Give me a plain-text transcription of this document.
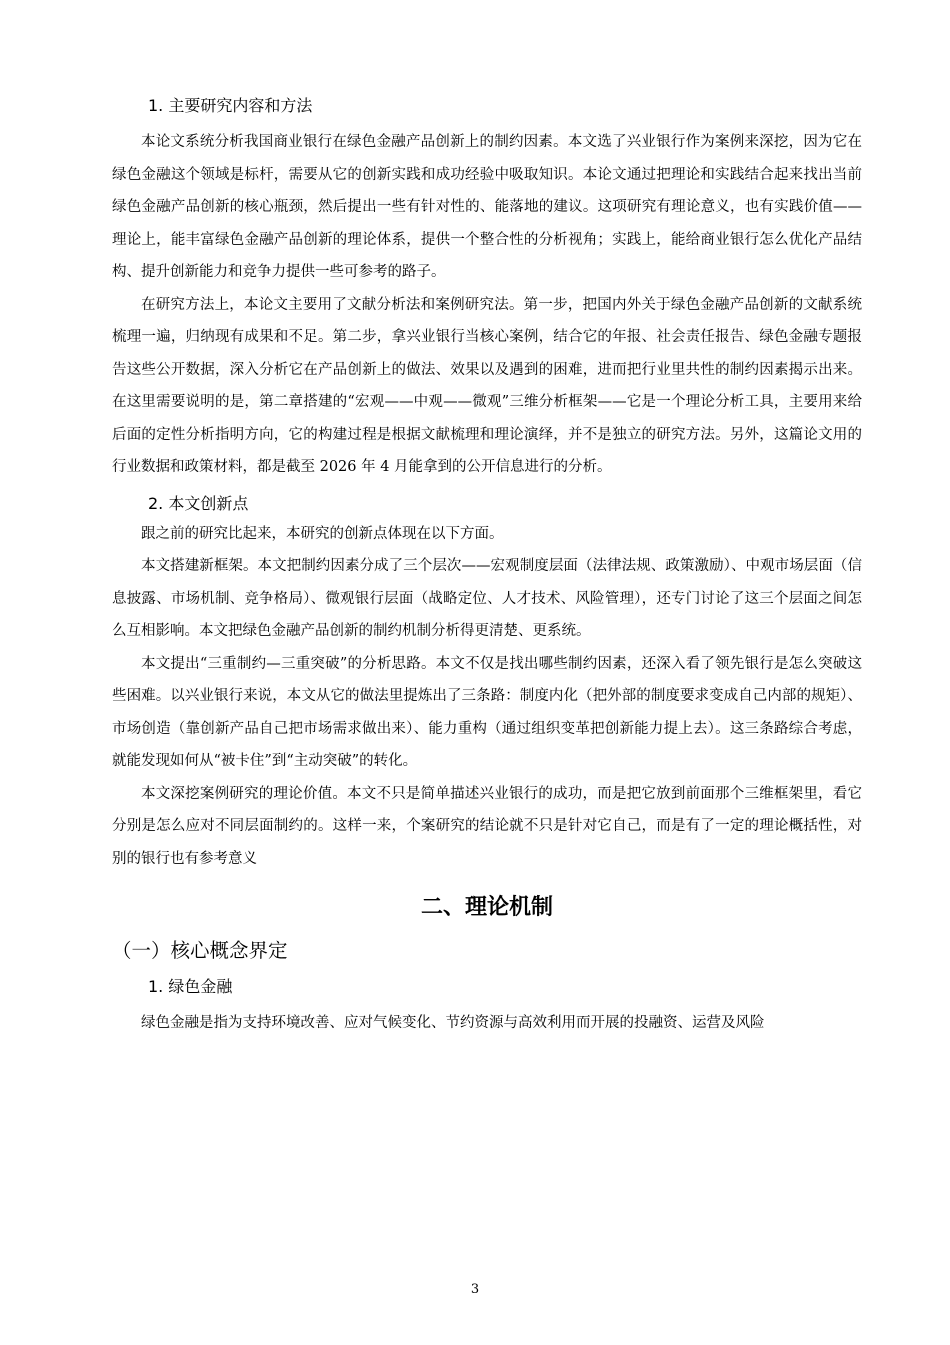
1. 主要研究内容和方法

本论文系统分析我国商业银行在绿色金融产品创新上的制约因素。本文选了兴业银行作为案例来深挖，因为它在绿色金融这个领域是标杆，需要从它的创新实践和成功经验中吸取知识。本论文通过把理论和实践结合起来找出当前绿色金融产品创新的核心瓶颈，然后提出一些有针对性的、能落地的建议。这项研究有理论意义，也有实践价值——理论上，能丰富绿色金融产品创新的理论体系，提供一个整合性的分析视角；实践上，能给商业银行怎么优化产品结构、提升创新能力和竞争力提供一些可参考的路子。

在研究方法上，本论文主要用了文献分析法和案例研究法。第一步，把国内外关于绿色金融产品创新的文献系统梳理一遍，归纳现有成果和不足。第二步，拿兴业银行当核心案例，结合它的年报、社会责任报告、绿色金融专题报告这些公开数据，深入分析它在产品创新上的做法、效果以及遇到的困难，进而把行业里共性的制约因素揭示出来。在这里需要说明的是，第二章搭建的“宏观——中观——微观”三维分析框架——它是一个理论分析工具，主要用来给后面的定性分析指明方向，它的构建过程是根据文献梳理和理论演绎，并不是独立的研究方法。另外，这篇论文用的行业数据和政策材料，都是截至 2026 年 4 月能拿到的公开信息进行的分析。

2. 本文创新点

跟之前的研究比起来，本研究的创新点体现在以下方面。

本文搭建新框架。本文把制约因素分成了三个层次——宏观制度层面（法律法规、政策激励）、中观市场层面（信息披露、市场机制、竞争格局）、微观银行层面（战略定位、人才技术、风险管理），还专门讨论了这三个层面之间怎么互相影响。本文把绿色金融产品创新的制约机制分析得更清楚、更系统。

本文提出“三重制约—三重突破”的分析思路。本文不仅是找出哪些制约因素，还深入看了领先银行是怎么突破这些困难。以兴业银行来说，本文从它的做法里提炼出了三条路：制度内化（把外部的制度要求变成自己内部的规矩）、市场创造（靠创新产品自己把市场需求做出来）、能力重构（通过组织变革把创新能力提上去）。这三条路综合考虑，就能发现如何从“被卡住”到“主动突破”的转化。

本文深挖案例研究的理论价值。本文不只是简单描述兴业银行的成功，而是把它放到前面那个三维框架里，看它分别是怎么应对不同层面制约的。这样一来，个案研究的结论就不只是针对它自己，而是有了一定的理论概括性，对别的银行也有参考意义

二、理论机制
（一）核心概念界定
1. 绿色金融

绿色金融是指为支持环境改善、应对气候变化、节约资源与高效利用而开展的投融资、运营及风险

3
